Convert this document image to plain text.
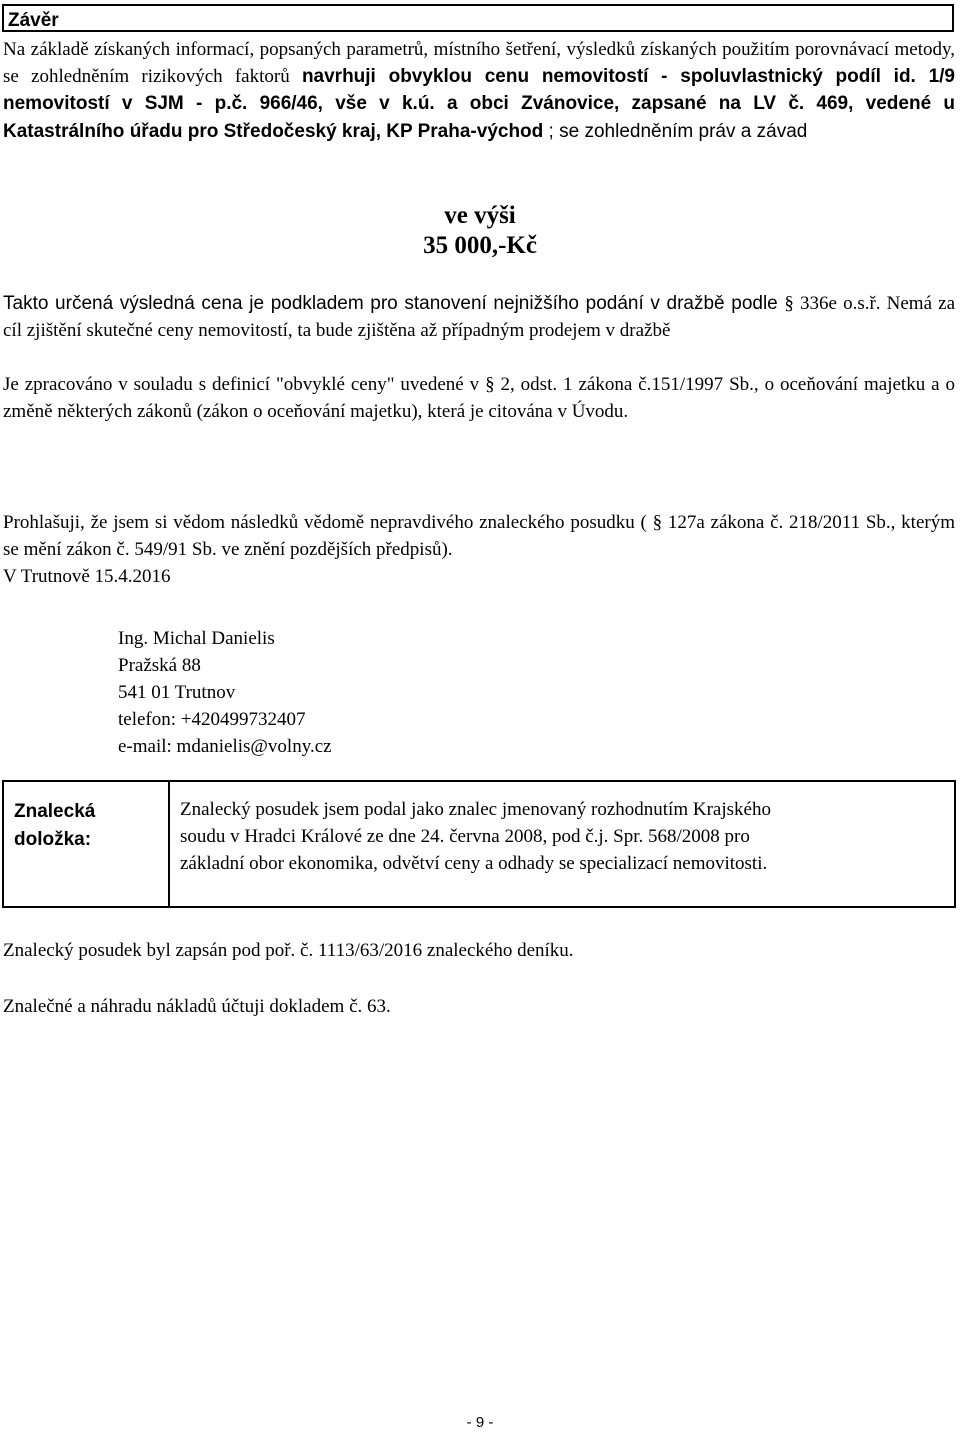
Závěr

Na základě získaných informací, popsaných parametrů, místního šetření, výsledků získaných použitím porovnávací metody, se zohledněním rizikových faktorů navrhuji obvyklou cenu nemovitostí - spoluvlastnický podíl id. 1/9 nemovitostí v SJM - p.č. 966/46, vše v k.ú. a obci Zvánovice, zapsané na LV č. 469, vedené u Katastrálního úřadu pro Středočeský kraj, KP Praha-východ ; se zohledněním práv a závad

ve výši
35 000,-Kč

Takto určená výsledná cena je podkladem pro stanovení nejnižšího podání v dražbě podle § 336e o.s.ř. Nemá za cíl zjištění skutečné ceny nemovitostí, ta bude zjištěna až případným prodejem v dražbě

Je zpracováno v souladu s definicí "obvyklé ceny" uvedené v § 2, odst. 1 zákona č.151/1997 Sb., o oceňování majetku a o změně některých zákonů (zákon o oceňování majetku), která je citována v Úvodu.

Prohlašuji, že jsem si vědom následků vědomě nepravdivého znaleckého posudku ( § 127a zákona č. 218/2011 Sb., kterým se mění zákon č. 549/91 Sb. ve znění pozdějších předpisů).
V Trutnově 15.4.2016

Ing. Michal Danielis
Pražská 88
541 01 Trutnov
telefon: +420499732407
e-mail: mdanielis@volny.cz
Znalecká
doložka:
Znalecký posudek jsem podal jako znalec jmenovaný rozhodnutím Krajského
soudu v Hradci Králové ze dne 24. června 2008, pod č.j. Spr. 568/2008 pro
základní obor ekonomika, odvětví ceny a odhady se specializací nemovitosti.
Znalecký posudek byl zapsán pod poř. č. 1113/63/2016 znaleckého deníku.
Znalečné a náhradu nákladů účtuji dokladem č. 63.
- 9 -
